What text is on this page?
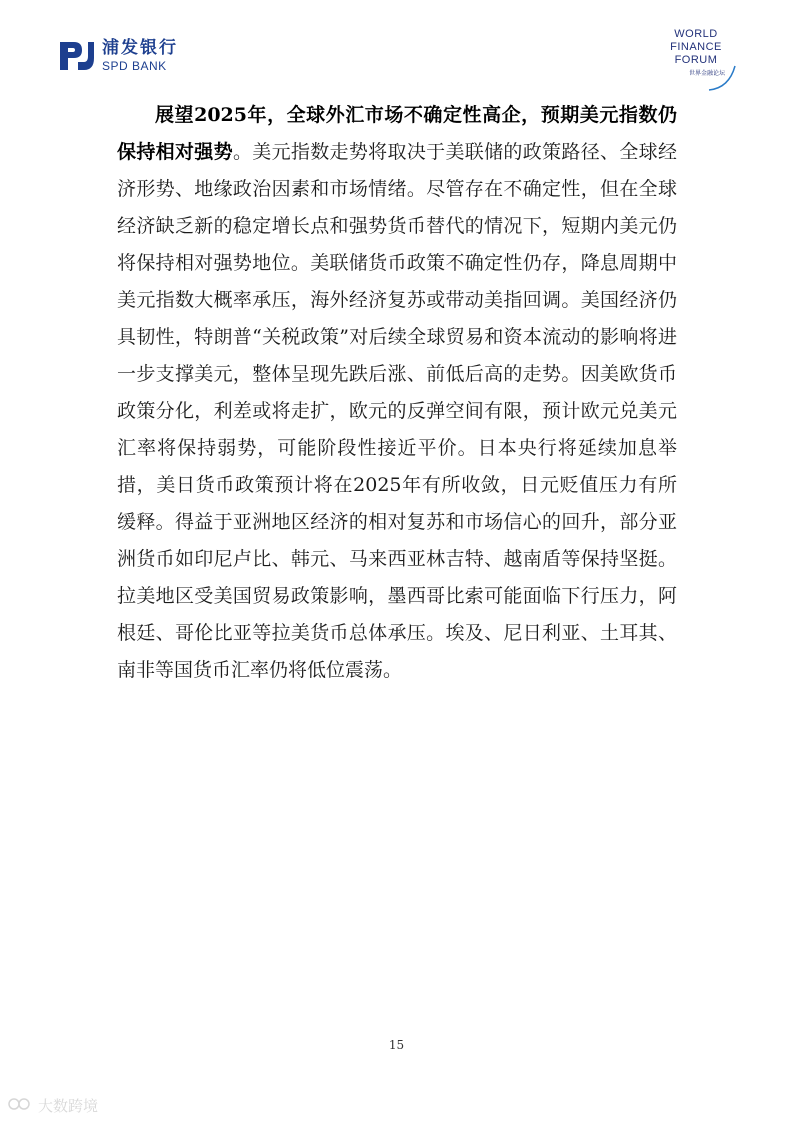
浦发银行
SPD BANK
WORLD
FINANCE
FORUM
世界金融论坛

展望2025年，全球外汇市场不确定性高企，预期美元指数仍保持相对强势。美元指数走势将取决于美联储的政策路径、全球经济形势、地缘政治因素和市场情绪。尽管存在不确定性，但在全球经济缺乏新的稳定增长点和强势货币替代的情况下，短期内美元仍将保持相对强势地位。美联储货币政策不确定性仍存，降息周期中美元指数大概率承压，海外经济复苏或带动美指回调。美国经济仍具韧性，特朗普“关税政策”对后续全球贸易和资本流动的影响将进一步支撑美元，整体呈现先跌后涨、前低后高的走势。因美欧货币政策分化，利差或将走扩，欧元的反弹空间有限，预计欧元兑美元汇率将保持弱势，可能阶段性接近平价。日本央行将延续加息举措，美日货币政策预计将在2025年有所收敛，日元贬值压力有所缓释。得益于亚洲地区经济的相对复苏和市场信心的回升，部分亚洲货币如印尼卢比、韩元、马来西亚林吉特、越南盾等保持坚挺。拉美地区受美国贸易政策影响，墨西哥比索可能面临下行压力，阿根廷、哥伦比亚等拉美货币总体承压。埃及、尼日利亚、土耳其、南非等国货币汇率仍将低位震荡。

15
大数跨境
